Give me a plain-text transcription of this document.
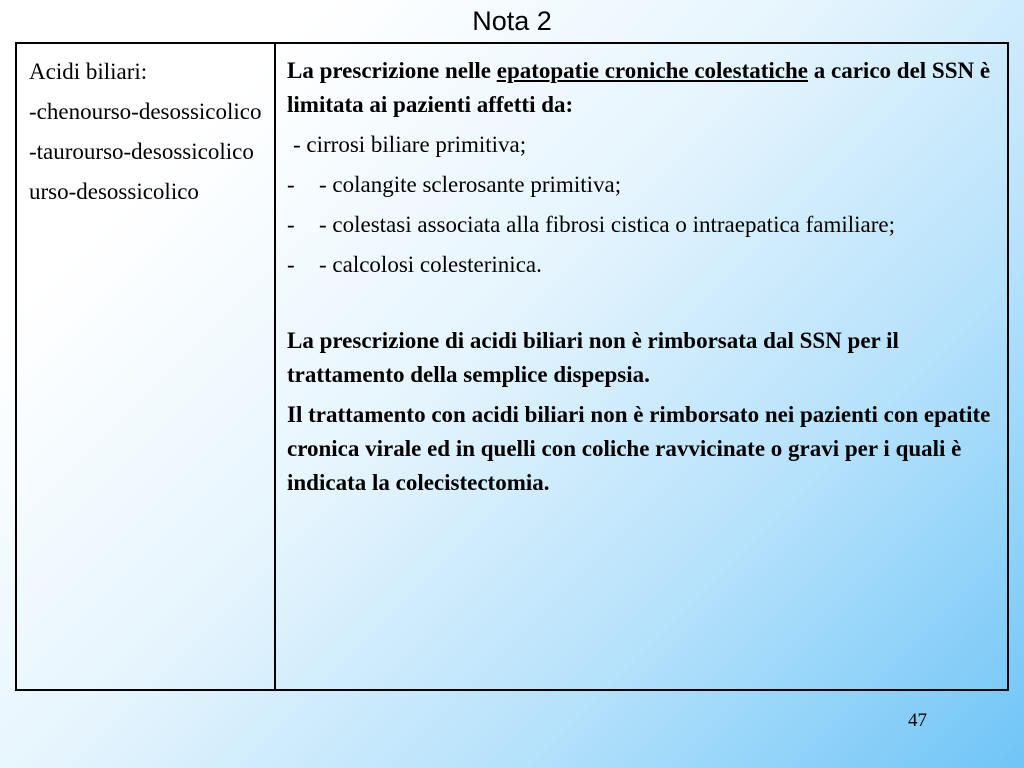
Nota 2

Acidi biliari:

-chenourso-desossicolico

-taurourso-desossicolico

urso-desossicolico

La prescrizione nelle epatopatie croniche colestatiche a carico del SSN è limitata ai pazienti affetti da:

- cirrosi biliare primitiva;

-	- colangite sclerosante primitiva;

- - colestasi associata alla fibrosi cistica o intraepatica familiare;

-	- calcolosi colesterinica.

La prescrizione di acidi biliari non è rimborsata dal SSN per il trattamento della semplice dispepsia.

Il trattamento con acidi biliari non è rimborsato nei pazienti con epatite cronica virale ed in quelli con coliche ravvicinate o gravi per i quali è indicata la colecistectomia.

47
